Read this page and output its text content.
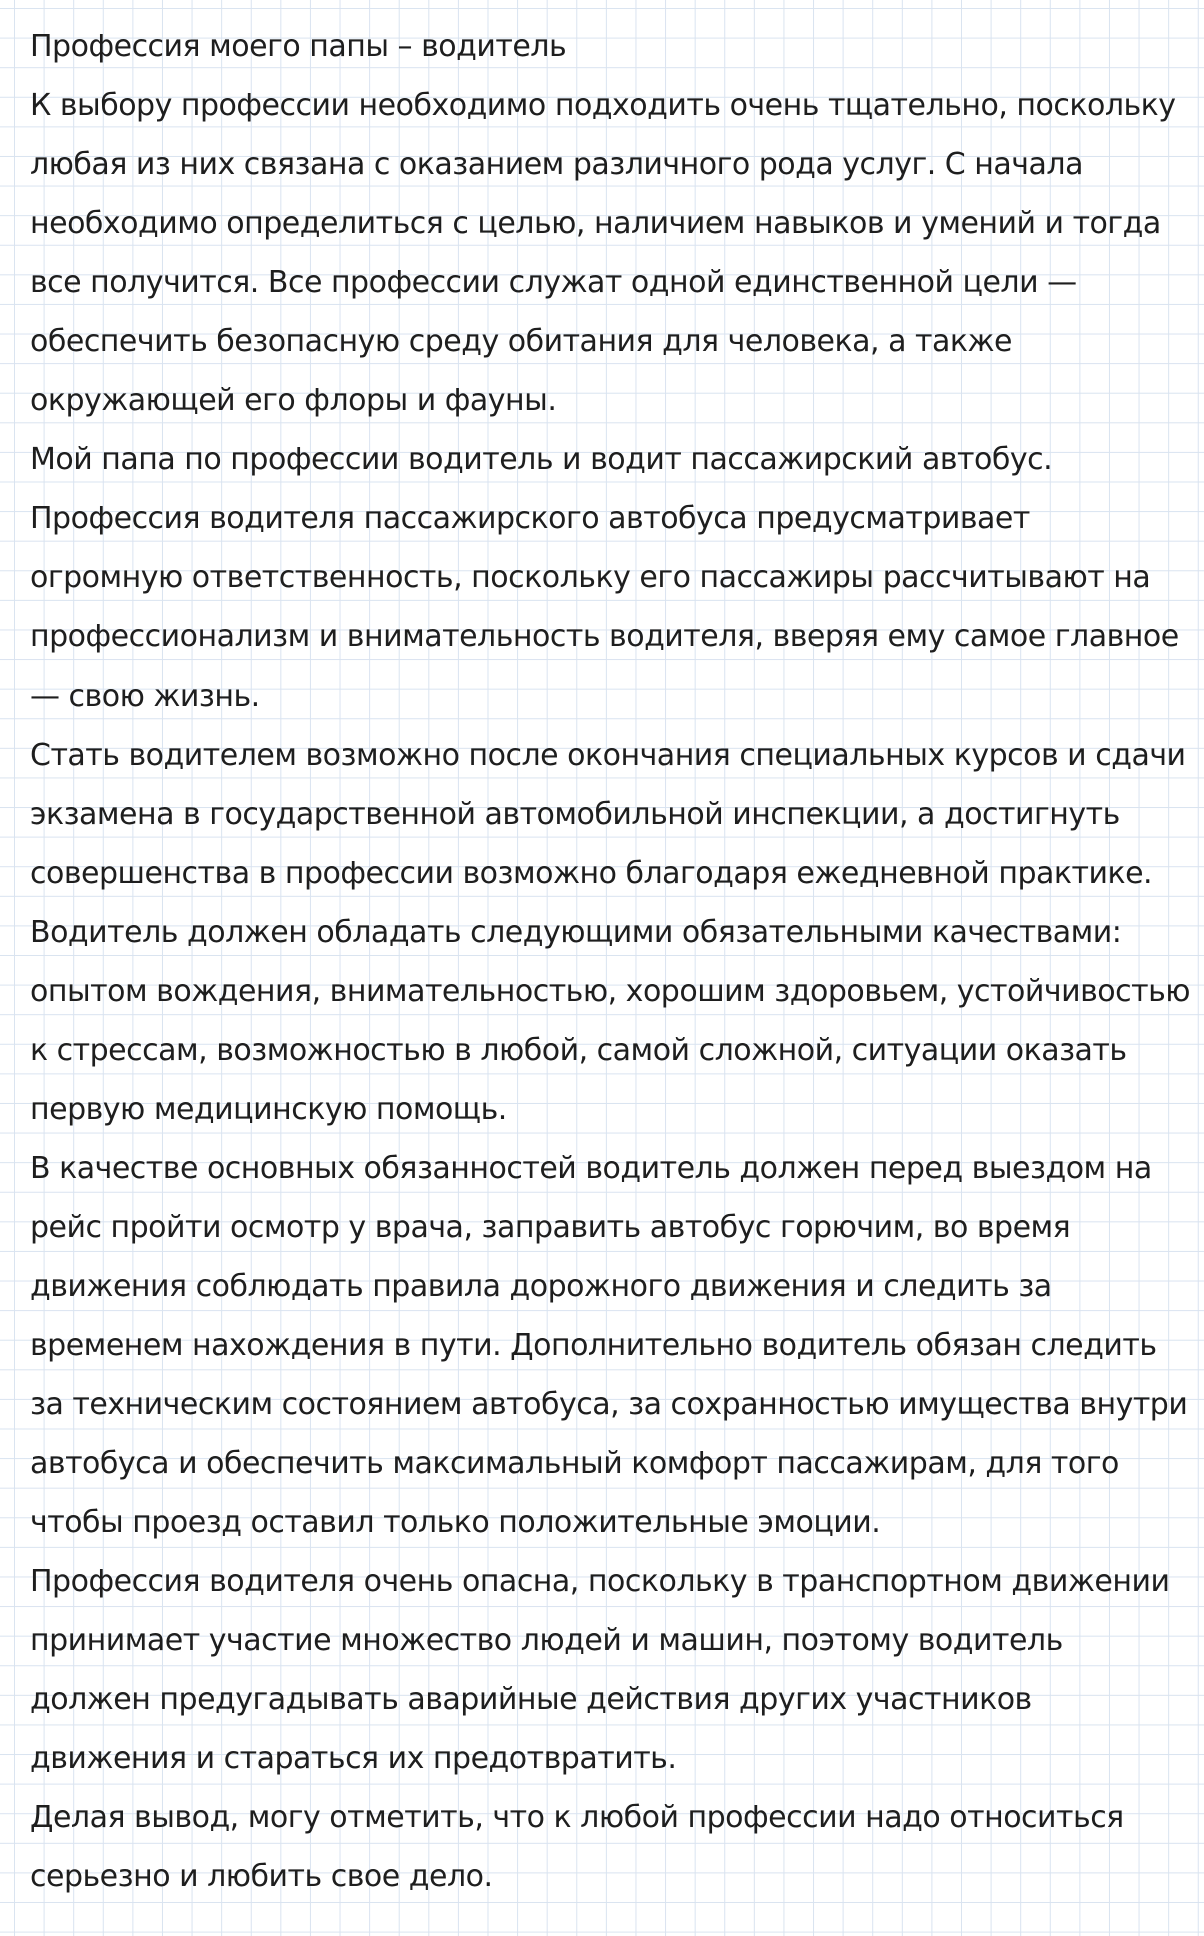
Профессия моего папы – водитель

К выбору профессии необходимо подходить очень тщательно, поскольку любая из них связана с оказанием различного рода услуг. С начала необходимо определиться с целью, наличием навыков и умений и тогда все получится. Все профессии служат одной единственной цели — обеспечить безопасную среду обитания для человека, а также окружающей его флоры и фауны.

Мой папа по профессии водитель и водит пассажирский автобус.

Профессия водителя пассажирского автобуса предусматривает огромную ответственность, поскольку его пассажиры рассчитывают на профессионализм и внимательность водителя, вверяя ему самое главное — свою жизнь.

Стать водителем возможно после окончания специальных курсов и сдачи экзамена в государственной автомобильной инспекции, а достигнуть совершенства в профессии возможно благодаря ежедневной практике.

Водитель должен обладать следующими обязательными качествами: опытом вождения, внимательностью, хорошим здоровьем, устойчивостью к стрессам, возможностью в любой, самой сложной, ситуации оказать первую медицинскую помощь.

В качестве основных обязанностей водитель должен перед выездом на рейс пройти осмотр у врача, заправить автобус горючим, во время движения соблюдать правила дорожного движения и следить за временем нахождения в пути. Дополнительно водитель обязан следить за техническим состоянием автобуса, за сохранностью имущества внутри автобуса и обеспечить максимальный комфорт пассажирам, для того чтобы проезд оставил только положительные эмоции.

Профессия водителя очень опасна, поскольку в транспортном движении принимает участие множество людей и машин, поэтому водитель должен предугадывать аварийные действия других участников движения и стараться их предотвратить.

Делая вывод, могу отметить, что к любой профессии надо относиться серьезно и любить свое дело.
